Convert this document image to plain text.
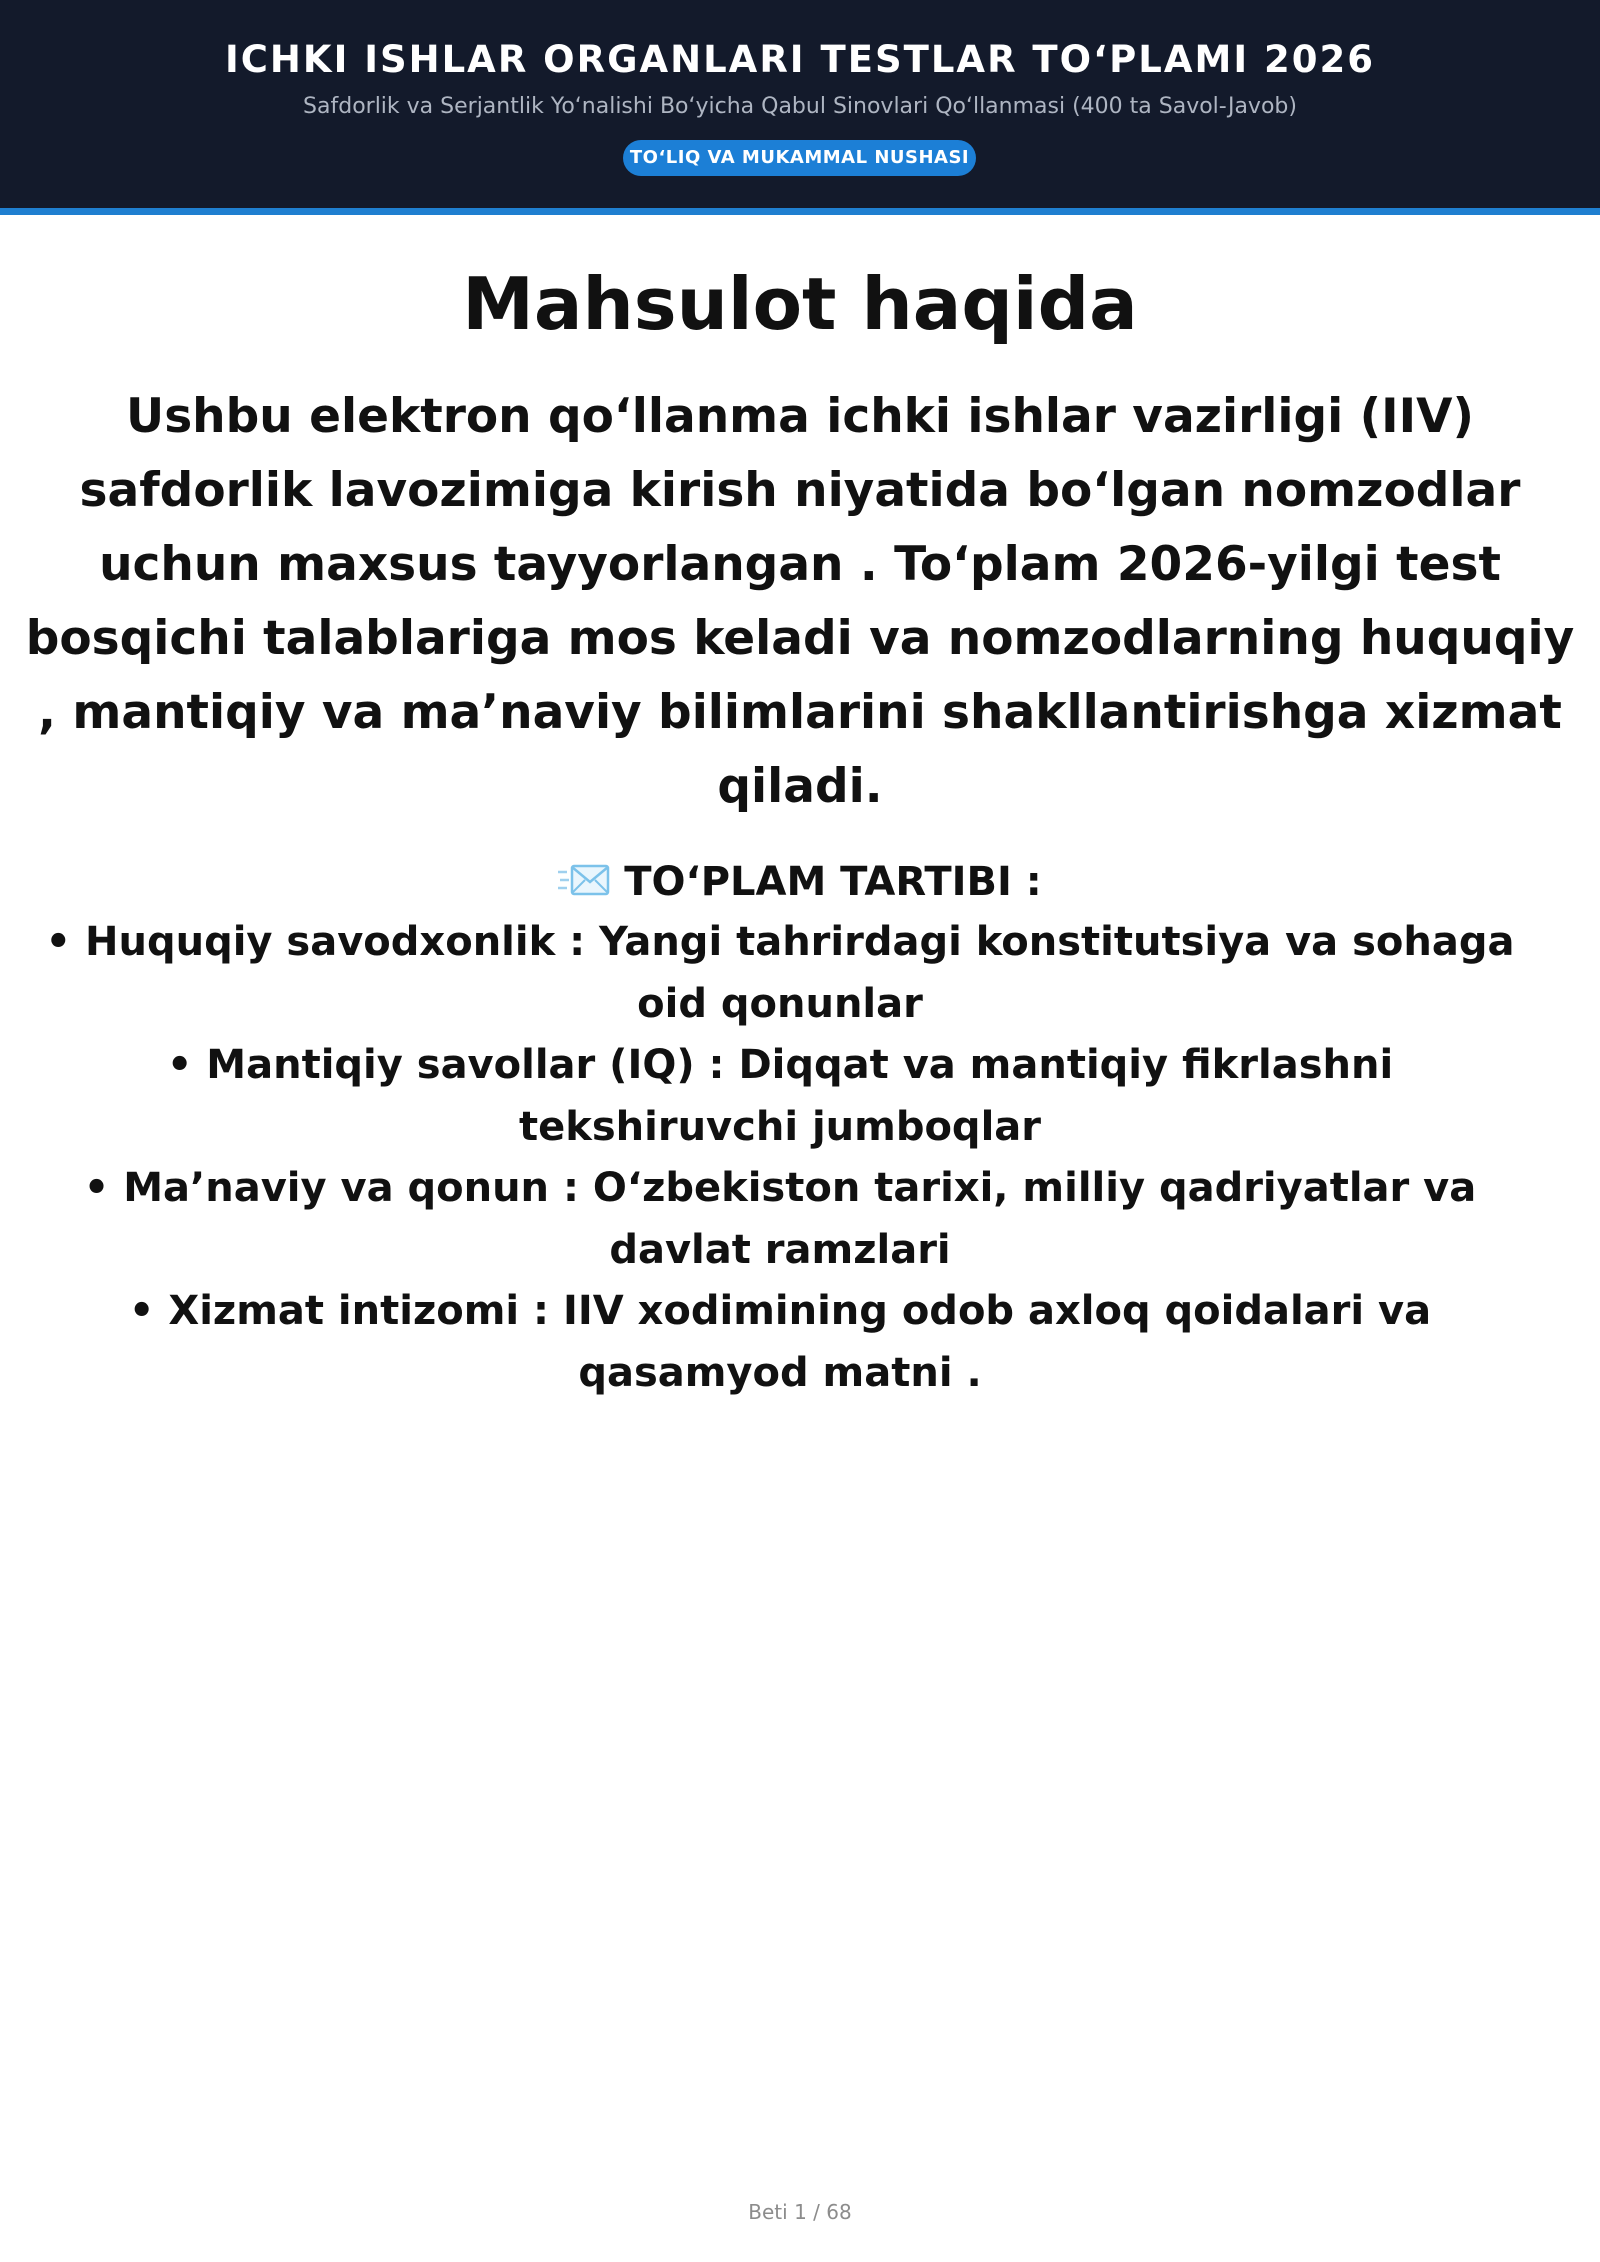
ICHKI ISHLAR ORGANLARI TESTLAR TO‘PLAMI 2026
Safdorlik va Serjantlik Yo‘nalishi Bo‘yicha Qabul Sinovlari Qo‘llanmasi (400 ta Savol-Javob)
TO‘LIQ VA MUKAMMAL NUSHASI
Mahsulot haqida
Ushbu elektron qo‘llanma ichki ishlar vazirligi (IIV) safdorlik lavozimiga kirish niyatida bo‘lgan nomzodlar uchun maxsus tayyorlangan . To‘plam 2026-yilgi test bosqichi talablariga mos keladi va nomzodlarning huquqiy , mantiqiy va ma’naviy bilimlarini shakllantirishga xizmat qiladi.
TO‘PLAM TARTIBI :

• Huquqiy savodxonlik : Yangi tahrirdagi konstitutsiya va sohaga oid qonunlar

• Mantiqiy savollar (IQ) : Diqqat va mantiqiy fikrlashni tekshiruvchi jumboqlar

• Ma’naviy va qonun : O‘zbekiston tarixi, milliy qadriyatlar va davlat ramzlari

• Xizmat intizomi : IIV xodimining odob axloq qoidalari va qasamyod matni .

Beti 1 / 68
